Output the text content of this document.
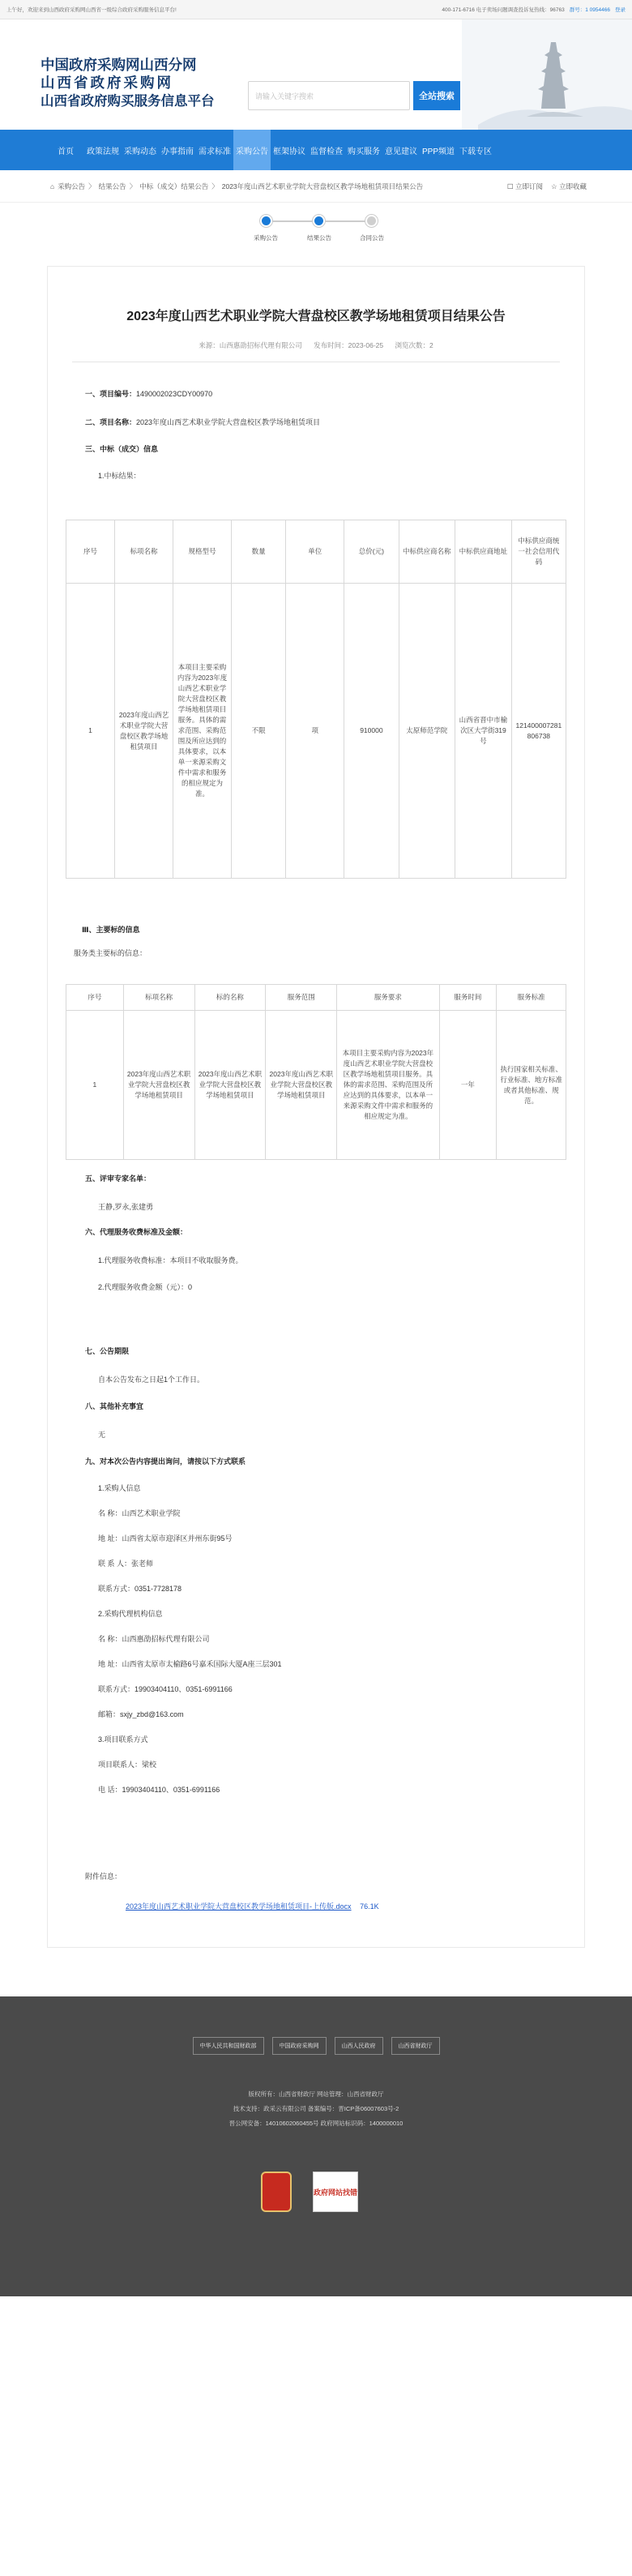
上午好，欢迎来到山西政府采购网山西省一级综合政府采购服务信息平台!	400-171-6716 电子卖场问题调查投诉复热线：96763 群号：1 0954466 登录
中国政府采购网山西分网
山西省政府采购网
山西省政府购买服务信息平台	请输入关键字搜索	全站搜索
首页	政策法规 采购动态 办事指南 需求标准 采购公告 框架协议 监督检查 购买服务 意见建议 PPP频道 下载专区
⌂ 采购公告 〉 结果公告 〉 中标（成交）结果公告 〉 2023年度山西艺术职业学院大营盘校区教学场地租赁项目结果公告	☐ 立即订阅 ☆ 立即收藏
采购公告	结果公告	合同公告
2023年度山西艺术职业学院大营盘校区教学场地租赁项目结果公告
来源：山西惠劭招标代理有限公司 发布时间：2023-06-25 浏览次数：2
一、项目编号：1490002023CDY00970
二、项目名称：2023年度山西艺术职业学院大营盘校区教学场地租赁项目
三、中标（成交）信息
1.中标结果：
序号	标项名称	规格型号	数量	单位	总价(元)	中标供应商名称	中标供应商地址	中标供应商统一社会信用代码
1	2023年度山西艺术职业学院大营盘校区教学场地租赁项目	本项目主要采购内容为2023年度山西艺术职业学院大营盘校区教学场地租赁项目服务。具体的需求范围、采购范围及所应达到的具体要求，以本单一来源采购文件中需求和服务的相应规定为准。	不限	项	910000	太原师范学院	山西省晋中市榆次区大学街319号	121400007281806738
Ⅲ、主要标的信息
服务类主要标的信息：
序号	标项名称	标的名称	服务范围	服务要求	服务时间	服务标准
1	2023年度山西艺术职业学院大营盘校区教学场地租赁项目	2023年度山西艺术职业学院大营盘校区教学场地租赁项目	2023年度山西艺术职业学院大营盘校区教学场地租赁项目	本项目主要采购内容为2023年度山西艺术职业学院大营盘校区教学场地租赁项目服务。具体的需求范围、采购范围及所应达到的具体要求，以本单一来源采购文件中需求和服务的相应规定为准。	一年	执行国家相关标准、行业标准、地方标准或者其他标准、规范。
五、评审专家名单：
王静,罗永,张建勇
六、代理服务收费标准及金额：
1.代理服务收费标准：本项目不收取服务费。
2.代理服务收费金额（元）：0
七、公告期限
自本公告发布之日起1个工作日。
八、其他补充事宜
无
九、对本次公告内容提出询问，请按以下方式联系
1.采购人信息
名 称：山西艺术职业学院
地 址：山西省太原市迎泽区并州东街95号
联 系 人：张老师
联系方式：0351-7728178
2.采购代理机构信息
名 称：山西惠劭招标代理有限公司
地 址：山西省太原市太榆路6号嘉禾国际大厦A座三层301
联系方式：19903404110、0351-6991166
邮箱：sxjy_zbd@163.com
3.项目联系方式
项目联系人：梁校
电 话：19903404110、0351-6991166
附件信息：
2023年度山西艺术职业学院大营盘校区教学场地租赁项目-上传版.docx 76.1K
中华人民共和国财政部	中国政府采购网	山西人民政府	山西省财政厅
版权所有：山西省财政厅 网站管理：山西省财政厅
技术支持：政采云有限公司 备案编号：晋ICP备06007603号-2
晋公网安备：14010602060455号 政府网站标识码：1400000010
政府网站找错
